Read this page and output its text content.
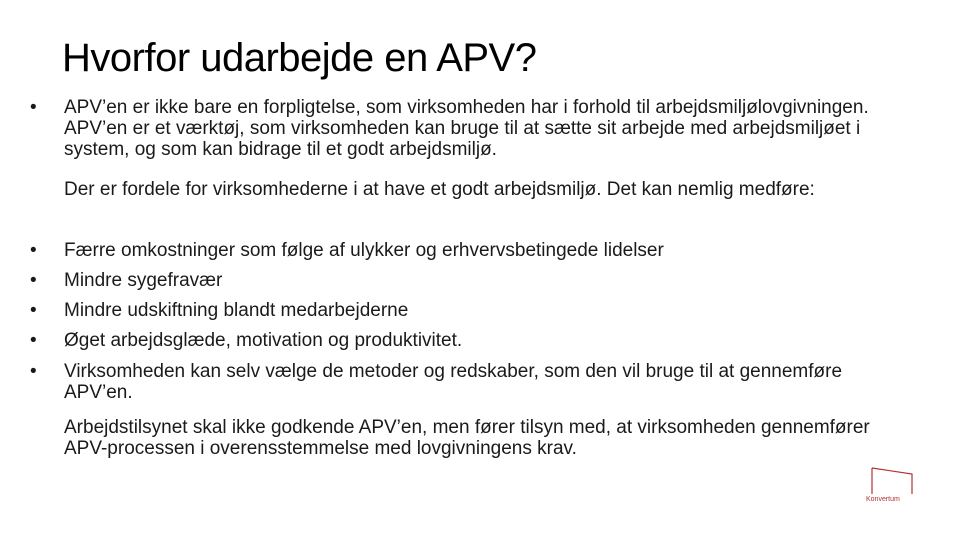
Hvorfor udarbejde en APV?
•	APV’en er ikke bare en forpligtelse, som virksomheden har i forhold til arbejdsmiljølovgivningen. APV’en er et værktøj, som virksomheden kan bruge til at sætte sit arbejde med arbejdsmiljøet i system, og som kan bidrage til et godt arbejdsmiljø.
Der er fordele for virksomhederne i at have et godt arbejdsmiljø. Det kan nemlig medføre:
•	Færre omkostninger som følge af ulykker og erhvervsbetingede lidelser
•	Mindre sygefravær
•	Mindre udskiftning blandt medarbejderne
•	Øget arbejdsglæde, motivation og produktivitet.
•	Virksomheden kan selv vælge de metoder og redskaber, som den vil bruge til at gennemføre APV’en.
Arbejdstilsynet skal ikke godkende APV’en, men fører tilsyn med, at virksomheden gennemfører APV-processen i overensstemmelse med lovgivningens krav.
Konvertum
